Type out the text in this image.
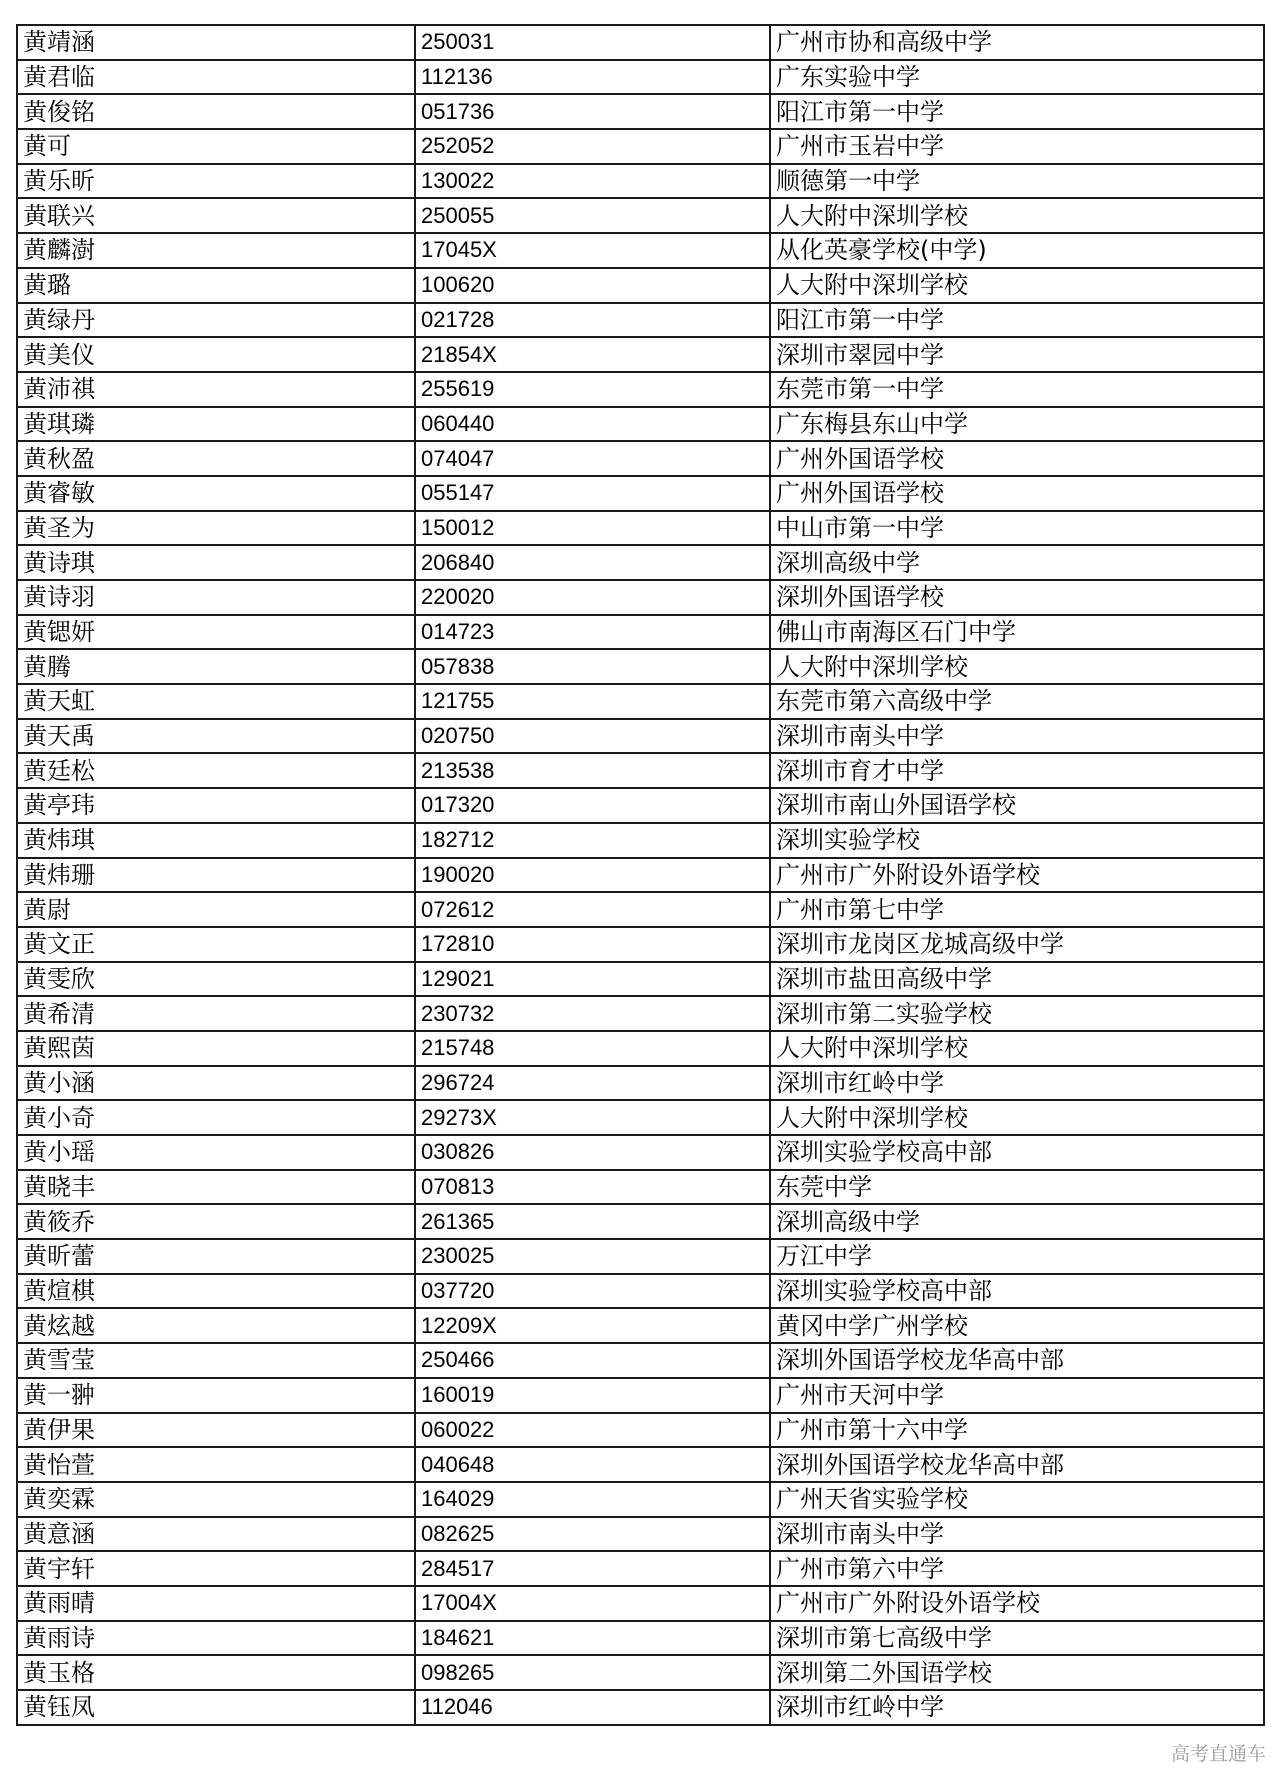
黄靖涵	250031	广州市协和高级中学
黄君临	112136	广东实验中学
黄俊铭	051736	阳江市第一中学
黄可	252052	广州市玉岩中学
黄乐昕	130022	顺德第一中学
黄联兴	250055	人大附中深圳学校
黄麟澍	17045X	从化英豪学校(中学)
黄璐	100620	人大附中深圳学校
黄绿丹	021728	阳江市第一中学
黄美仪	21854X	深圳市翠园中学
黄沛祺	255619	东莞市第一中学
黄琪璘	060440	广东梅县东山中学
黄秋盈	074047	广州外国语学校
黄睿敏	055147	广州外国语学校
黄圣为	150012	中山市第一中学
黄诗琪	206840	深圳高级中学
黄诗羽	220020	深圳外国语学校
黄锶妍	014723	佛山市南海区石门中学
黄腾	057838	人大附中深圳学校
黄天虹	121755	东莞市第六高级中学
黄天禹	020750	深圳市南头中学
黄廷松	213538	深圳市育才中学
黄亭玮	017320	深圳市南山外国语学校
黄炜琪	182712	深圳实验学校
黄炜珊	190020	广州市广外附设外语学校
黄尉	072612	广州市第七中学
黄文正	172810	深圳市龙岗区龙城高级中学
黄雯欣	129021	深圳市盐田高级中学
黄希清	230732	深圳市第二实验学校
黄熙茵	215748	人大附中深圳学校
黄小涵	296724	深圳市红岭中学
黄小奇	29273X	人大附中深圳学校
黄小瑶	030826	深圳实验学校高中部
黄晓丰	070813	东莞中学
黄筱乔	261365	深圳高级中学
黄昕蕾	230025	万江中学
黄煊棋	037720	深圳实验学校高中部
黄炫越	12209X	黄冈中学广州学校
黄雪莹	250466	深圳外国语学校龙华高中部
黄一翀	160019	广州市天河中学
黄伊果	060022	广州市第十六中学
黄怡萱	040648	深圳外国语学校龙华高中部
黄奕霖	164029	广州天省实验学校
黄意涵	082625	深圳市南头中学
黄宇轩	284517	广州市第六中学
黄雨晴	17004X	广州市广外附设外语学校
黄雨诗	184621	深圳市第七高级中学
黄玉格	098265	深圳第二外国语学校
黄钰凤	112046	深圳市红岭中学
高考直通车
